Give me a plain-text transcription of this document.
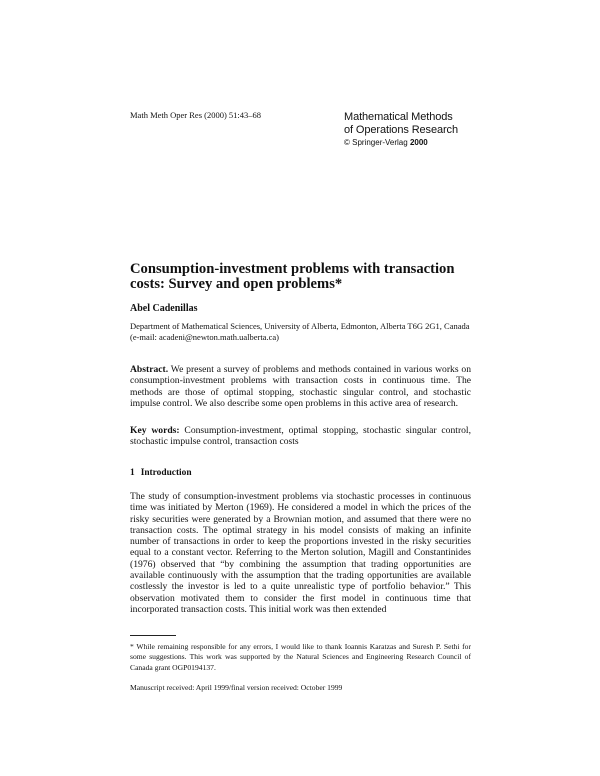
Math Meth Oper Res (2000) 51:43–68	Mathematical Methods
of Operations Research
© Springer-Verlag 2000
Consumption-investment problems with transaction costs: Survey and open problems*
Abel Cadenillas
Department of Mathematical Sciences, University of Alberta, Edmonton, Alberta T6G 2G1, Canada (e-mail: acadeni@newton.math.ualberta.ca)
Abstract. We present a survey of problems and methods contained in various works on consumption-investment problems with transaction costs in continuous time. The methods are those of optimal stopping, stochastic singular control, and stochastic impulse control. We also describe some open problems in this active area of research.
Key words: Consumption-investment, optimal stopping, stochastic singular control, stochastic impulse control, transaction costs
1 Introduction
The study of consumption-investment problems via stochastic processes in continuous time was initiated by Merton (1969). He considered a model in which the prices of the risky securities were generated by a Brownian motion, and assumed that there were no transaction costs. The optimal strategy in his model consists of making an infinite number of transactions in order to keep the proportions invested in the risky securities equal to a constant vector. Referring to the Merton solution, Magill and Constantinides (1976) observed that “by combining the assumption that trading opportunities are available continuously with the assumption that the trading opportunities are available costlessly the investor is led to a quite unrealistic type of portfolio behavior.” This observation motivated them to consider the first model in continuous time that incorporated transaction costs. This initial work was then extended
* While remaining responsible for any errors, I would like to thank Ioannis Karatzas and Suresh P. Sethi for some suggestions. This work was supported by the Natural Sciences and Engineering Research Council of Canada grant OGP0194137.
Manuscript received: April 1999/final version received: October 1999
